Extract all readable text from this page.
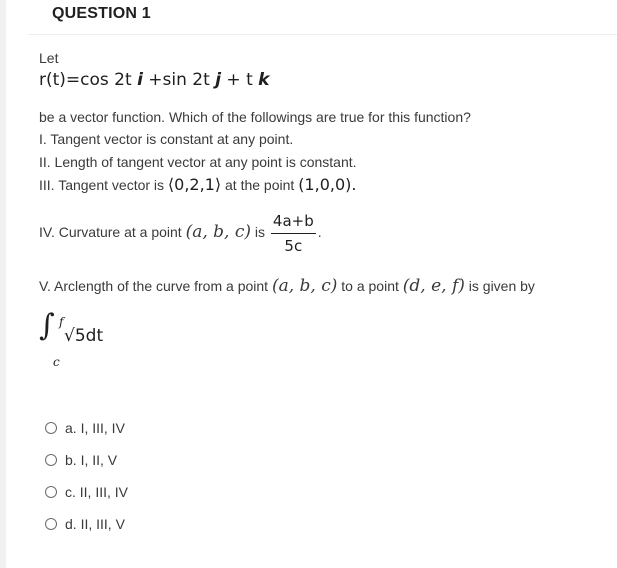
QUESTION 1
Let
r(t)=cos 2t i +sin 2t j + t k
be a vector function. Which of the followings are true for this function?
I. Tangent vector is constant at any point.
II. Length of tangent vector at any point is constant.
III. Tangent vector is ⟨0,2,1⟩ at the point (1,0,0).
IV. Curvature at a point (a, b, c) is $\frac{4a+b}{5c}$ .
V. Arclength of the curve from a point (a, b, c) to a point (d, e, f) is given by
∫ f
c
√5dt
a. I, III, IV
b. I, II, V
c. II, III, IV
d. II, III, V
